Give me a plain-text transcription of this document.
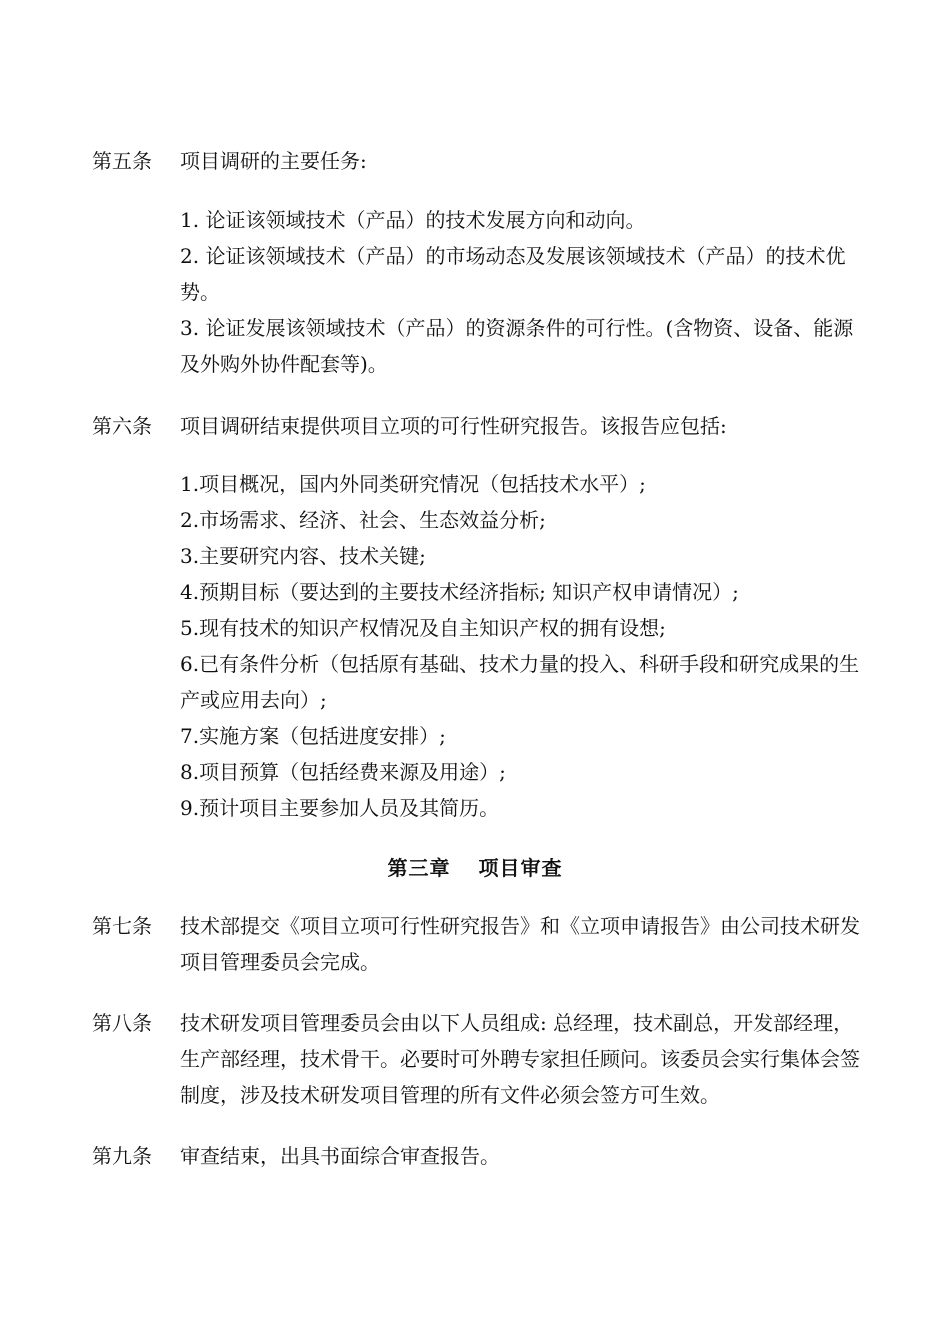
第五条 项目调研的主要任务:

1. 论证该领域技术（产品）的技术发展方向和动向。

2. 论证该领域技术（产品）的市场动态及发展该领域技术（产品）的技术优势。

3. 论证发展该领域技术（产品）的资源条件的可行性。(含物资、设备、能源及外购外协件配套等)。

第六条 项目调研结束提供项目立项的可行性研究报告。该报告应包括:

1.项目概况，国内外同类研究情况（包括技术水平）;

2.市场需求、经济、社会、生态效益分析;

3.主要研究内容、技术关键;

4.预期目标（要达到的主要技术经济指标; 知识产权申请情况）;

5.现有技术的知识产权情况及自主知识产权的拥有设想;

6.已有条件分析（包括原有基础、技术力量的投入、科研手段和研究成果的生产或应用去向）;

7.实施方案（包括进度安排）;

8.项目预算（包括经费来源及用途）;

9.预计项目主要参加人员及其简历。

第三章 项目审查
第七条 技术部提交《项目立项可行性研究报告》和《立项申请报告》由公司技术研发项目管理委员会完成。
第八条 技术研发项目管理委员会由以下人员组成: 总经理，技术副总，开发部经理，生产部经理，技术骨干。必要时可外聘专家担任顾问。该委员会实行集体会签制度，涉及技术研发项目管理的所有文件必须会签方可生效。
第九条 审查结束，出具书面综合审查报告。
